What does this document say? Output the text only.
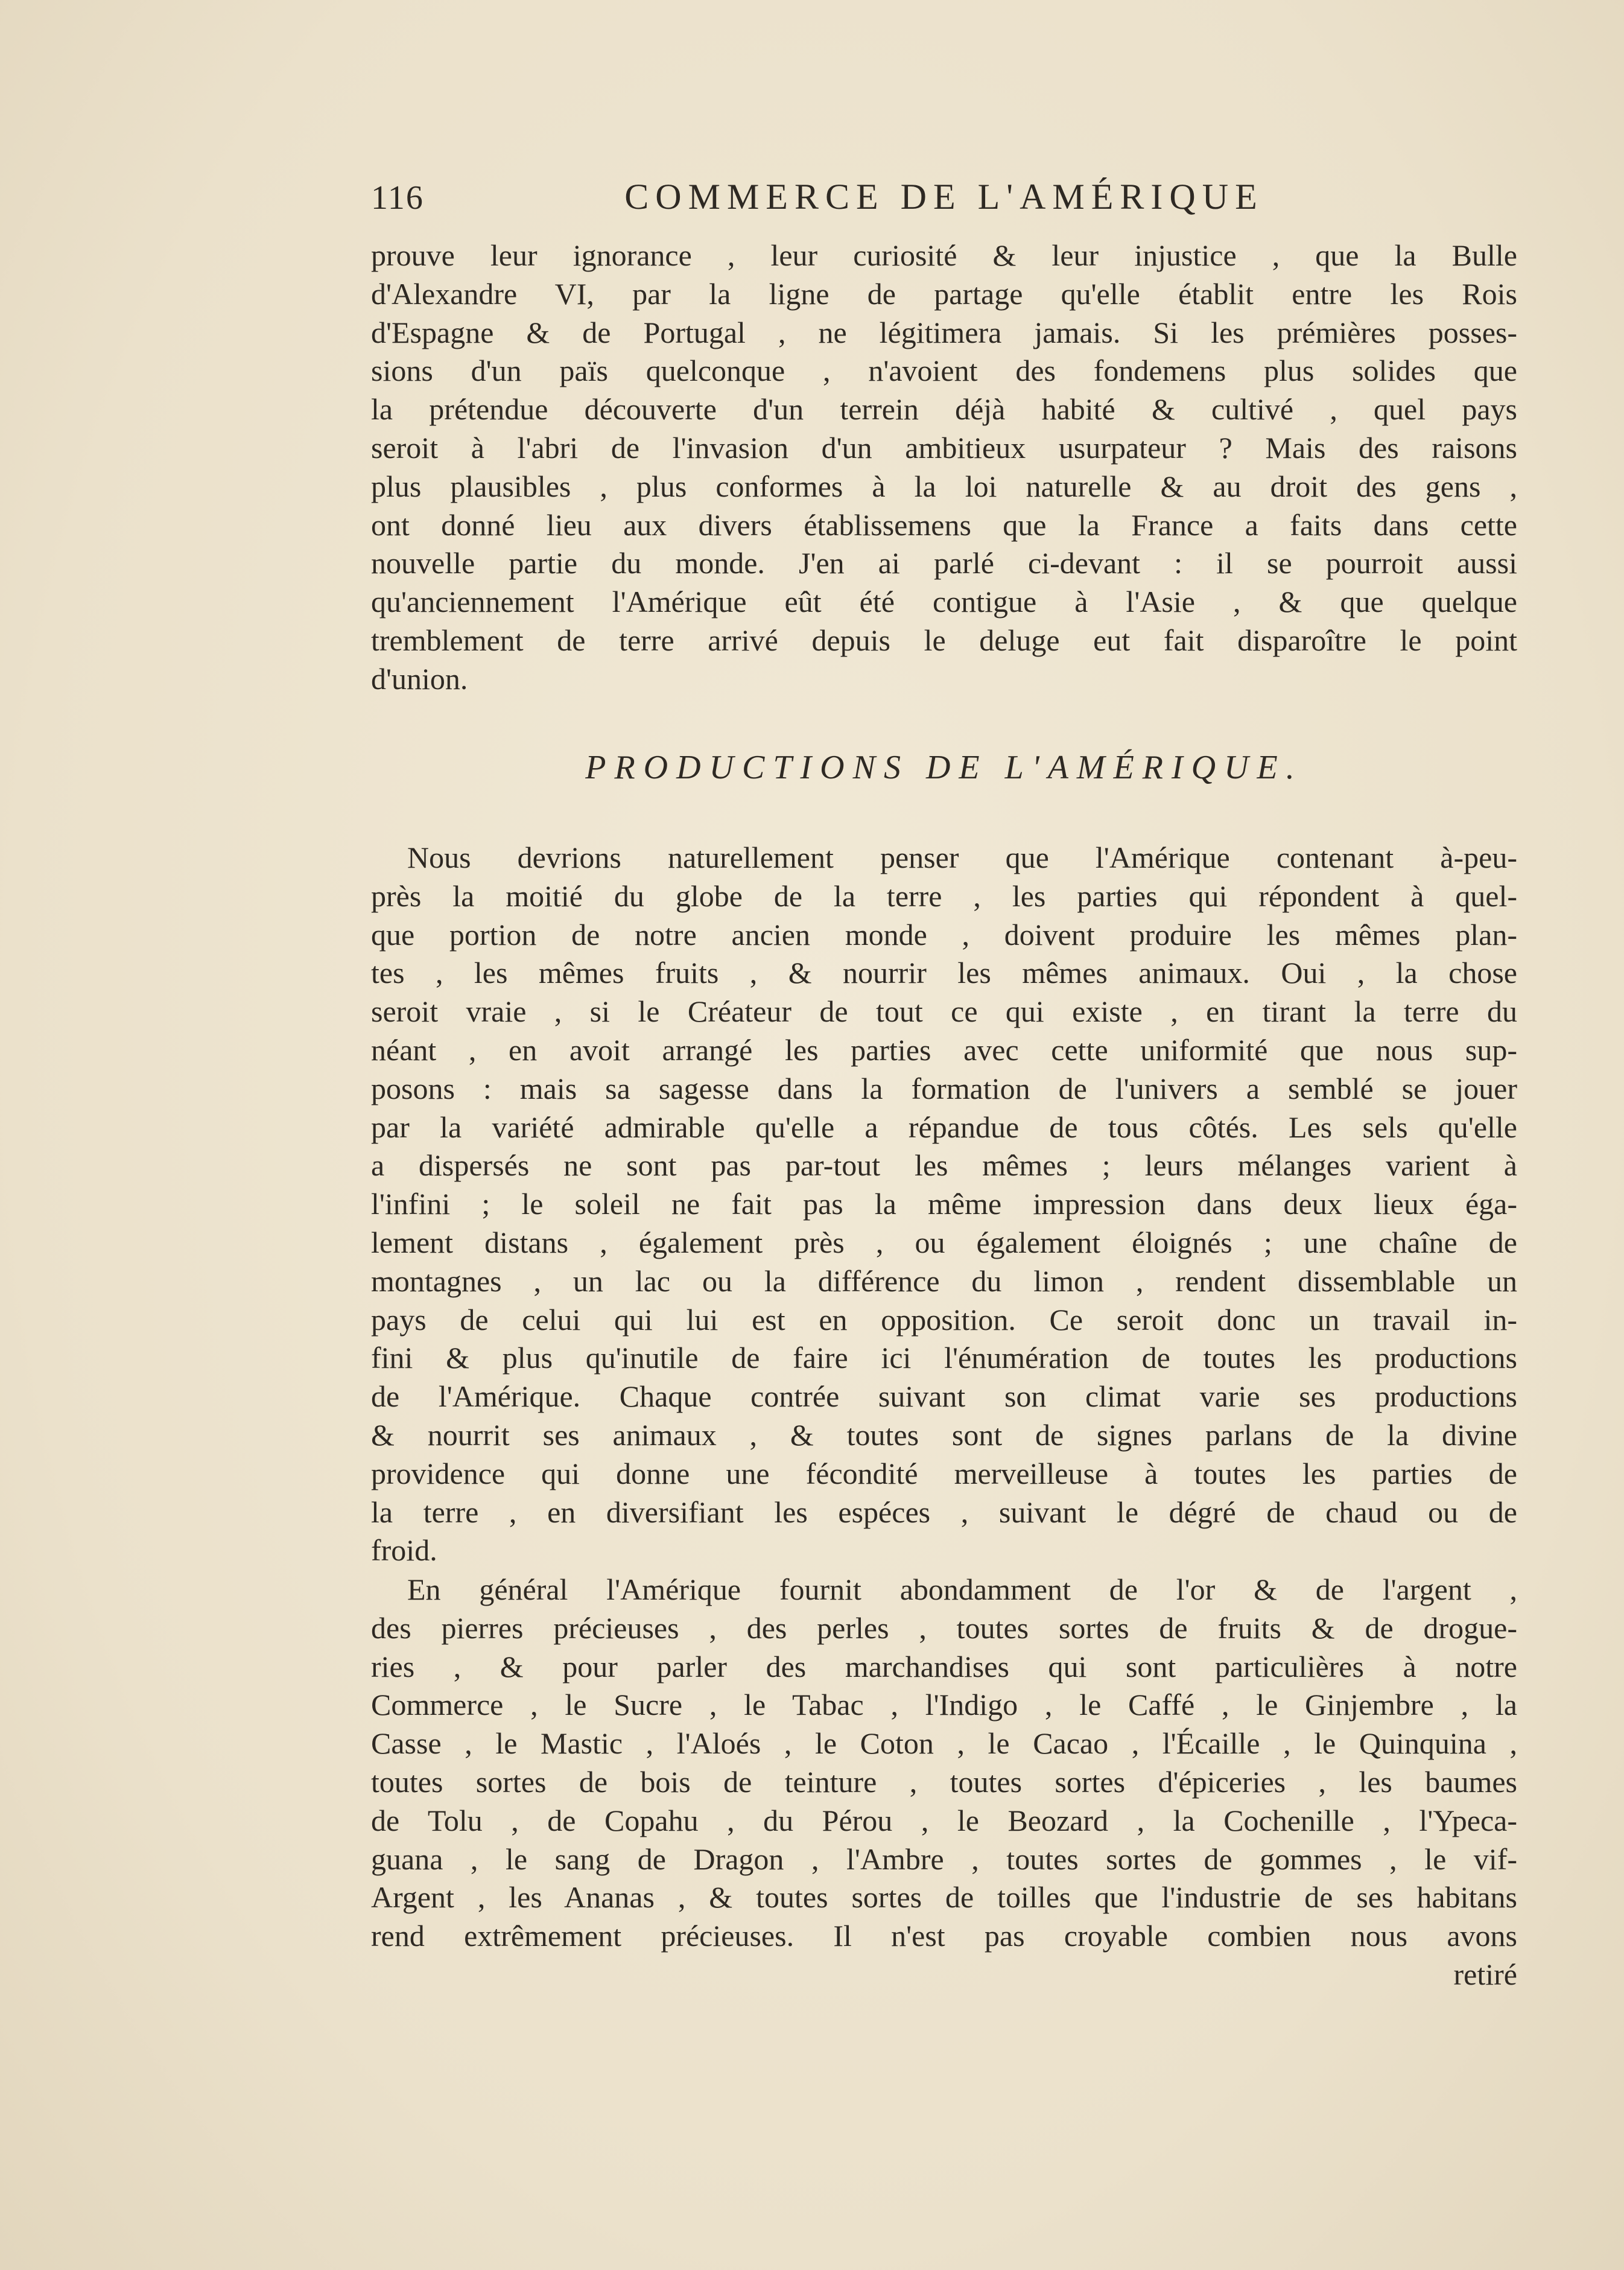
116	COMMERCE DE L'AMÉRIQUE
prouve leur ignorance , leur curiosité & leur injustice , que la Bulle
d'Alexandre VI, par la ligne de partage qu'elle établit entre les Rois
d'Espagne & de Portugal , ne légitimera jamais. Si les prémières posses-
sions d'un païs quelconque , n'avoient des fondemens plus solides que
la prétendue découverte d'un terrein déjà habité & cultivé , quel pays
seroit à l'abri de l'invasion d'un ambitieux usurpateur ? Mais des raisons
plus plausibles , plus conformes à la loi naturelle & au droit des gens ,
ont donné lieu aux divers établissemens que la France a faits dans cette
nouvelle partie du monde. J'en ai parlé ci-devant : il se pourroit aussi
qu'anciennement l'Amérique eût été contigue à l'Asie , & que quelque
tremblement de terre arrivé depuis le deluge eut fait disparoître le point
d'union.
PRODUCTIONS DE L'AMÉRIQUE.
Nous devrions naturellement penser que l'Amérique contenant à-peu-
près la moitié du globe de la terre , les parties qui répondent à quel-
que portion de notre ancien monde , doivent produire les mêmes plan-
tes , les mêmes fruits , & nourrir les mêmes animaux. Oui , la chose
seroit vraie , si le Créateur de tout ce qui existe , en tirant la terre du
néant , en avoit arrangé les parties avec cette uniformité que nous sup-
posons : mais sa sagesse dans la formation de l'univers a semblé se jouer
par la variété admirable qu'elle a répandue de tous côtés. Les sels qu'elle
a dispersés ne sont pas par-tout les mêmes ; leurs mélanges varient à
l'infini ; le soleil ne fait pas la même impression dans deux lieux éga-
lement distans , également près , ou également éloignés ; une chaîne de
montagnes , un lac ou la différence du limon , rendent dissemblable un
pays de celui qui lui est en opposition. Ce seroit donc un travail in-
fini & plus qu'inutile de faire ici l'énumération de toutes les productions
de l'Amérique. Chaque contrée suivant son climat varie ses productions
& nourrit ses animaux , & toutes sont de signes parlans de la divine
providence qui donne une fécondité merveilleuse à toutes les parties de
la terre , en diversifiant les espéces , suivant le dégré de chaud ou de
froid.
En général l'Amérique fournit abondamment de l'or & de l'argent ,
des pierres précieuses , des perles , toutes sortes de fruits & de drogue-
ries , & pour parler des marchandises qui sont particulières à notre
Commerce , le Sucre , le Tabac , l'Indigo , le Caffé , le Ginjembre , la
Casse , le Mastic , l'Aloés , le Coton , le Cacao , l'Écaille , le Quinquina ,
toutes sortes de bois de teinture , toutes sortes d'épiceries , les baumes
de Tolu , de Copahu , du Pérou , le Beozard , la Cochenille , l'Ypeca-
guana , le sang de Dragon , l'Ambre , toutes sortes de gommes , le vif-
Argent , les Ananas , & toutes sortes de toilles que l'industrie de ses habitans
rend extrêmement précieuses. Il n'est pas croyable combien nous avons
retiré
